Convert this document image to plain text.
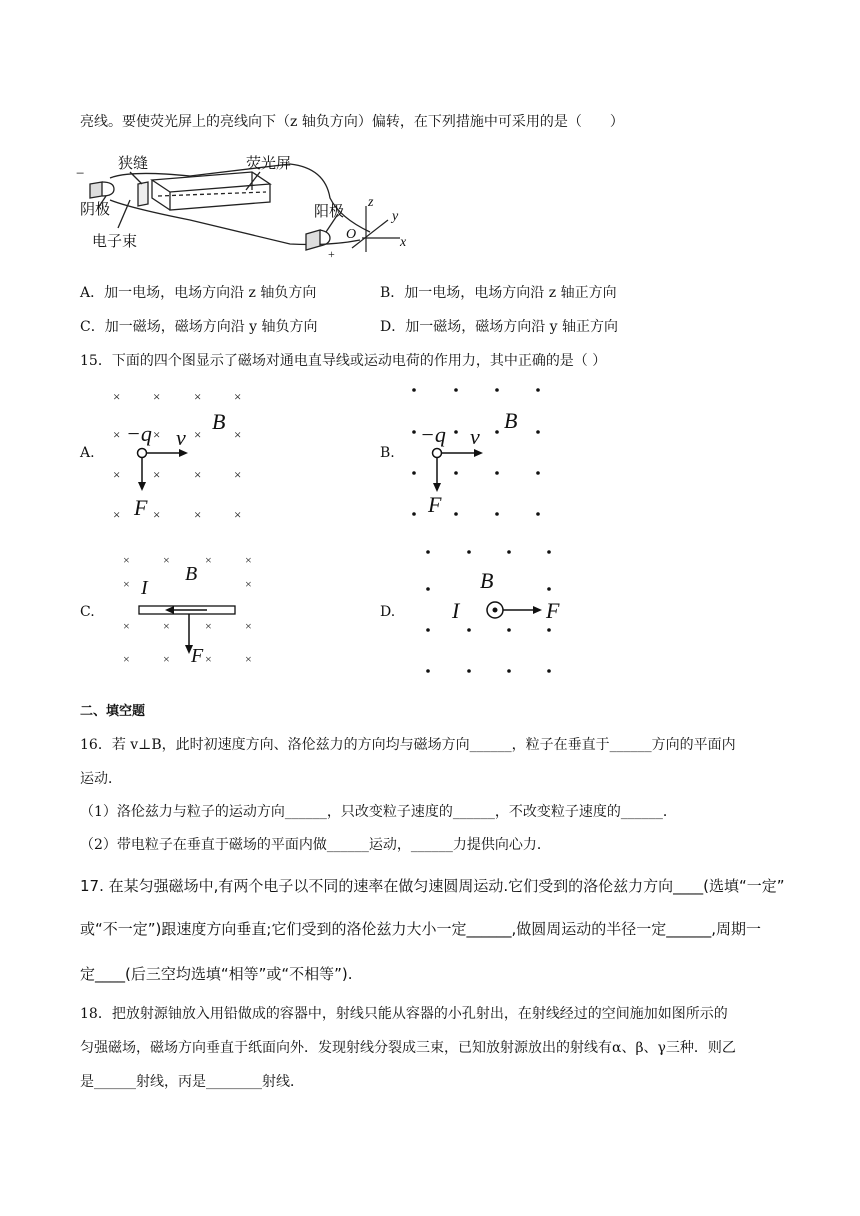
亮线。要使荧光屏上的亮线向下（z 轴负方向）偏转，在下列措施中可采用的是（　　）
−
狭缝	荧光屏
阴极	阳极
电子束
+
z
y
x
O
A．加一电场，电场方向沿 z 轴负方向	B．加一电场，电场方向沿 z 轴正方向
C．加一磁场，磁场方向沿 y 轴负方向	D．加一磁场，磁场方向沿 y 轴正方向
15．下面的四个图显示了磁场对通电直导线或运动电荷的作用力，其中正确的是（ ）
A.
×	×	×	×
×	×	×	×
×	×	×	×
×	×	×	×
−q v
B
F
B.
−q v
B
F
C.
×	×	×	×
×	×
×	×	×	×
×	×	×	×
I
B
F
D.	I
B
F
二、填空题
16．若 v⊥B，此时初速度方向、洛伦兹力的方向均与磁场方向______，粒子在垂直于______方向的平面内
运动．
（1）洛伦兹力与粒子的运动方向______，只改变粒子速度的______，不改变粒子速度的______．
（2）带电粒子在垂直于磁场的平面内做______运动，______力提供向心力．
17. 在某匀强磁场中,有两个电子以不同的速率在做匀速圆周运动.它们受到的洛伦兹力方向____(选填“一定”
或“不一定”)跟速度方向垂直;它们受到的洛伦兹力大小一定______,做圆周运动的半径一定______,周期一
定____(后三空均选填“相等”或“不相等”).
18．把放射源铀放入用铅做成的容器中，射线只能从容器的小孔射出，在射线经过的空间施加如图所示的
匀强磁场，磁场方向垂直于纸面向外．发现射线分裂成三束，已知放射源放出的射线有α、β、γ三种．则乙
是______射线，丙是________射线．
